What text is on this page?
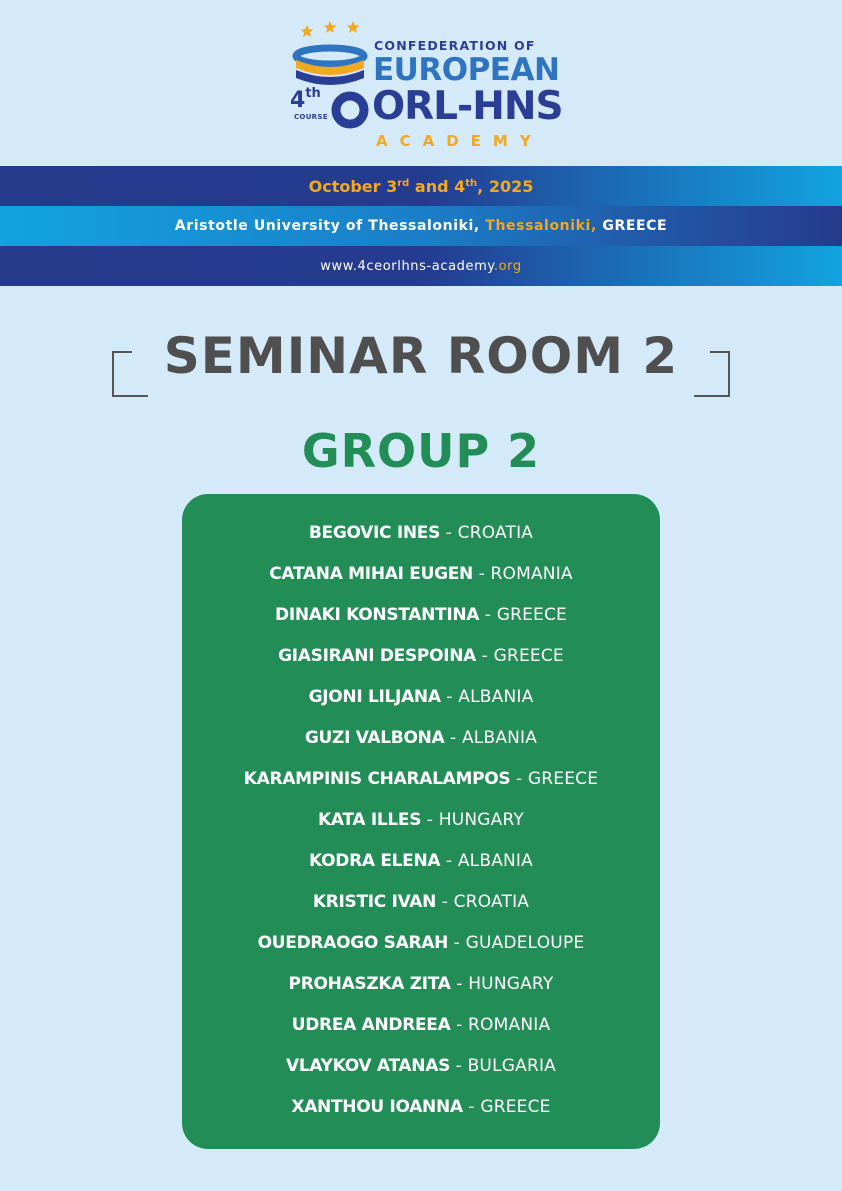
CONFEDERATION OF
EUROPEAN
ORL-HNS
ACADEMY
4th
COURSE
October 3rd and 4th, 2025
Aristotle University of Thessaloniki, Thessaloniki, GREECE
www.4ceorlhns-academy.org
SEMINAR ROOM 2
GROUP 2
BEGOVIC INES - CROATIA
CATANA MIHAI EUGEN - ROMANIA
DINAKI KONSTANTINA - GREECE
GIASIRANI DESPOINA - GREECE
GJONI LILJANA - ALBANIA
GUZI VALBONA - ALBANIA
KARAMPINIS CHARALAMPOS - GREECE
KATA ILLES - HUNGARY
KODRA ELENA - ALBANIA
KRISTIC IVAN - CROATIA
OUEDRAOGO SARAH - GUADELOUPE
PROHASZKA ZITA - HUNGARY
UDREA ANDREEA - ROMANIA
VLAYKOV ATANAS - BULGARIA
XANTHOU IOANNA - GREECE
